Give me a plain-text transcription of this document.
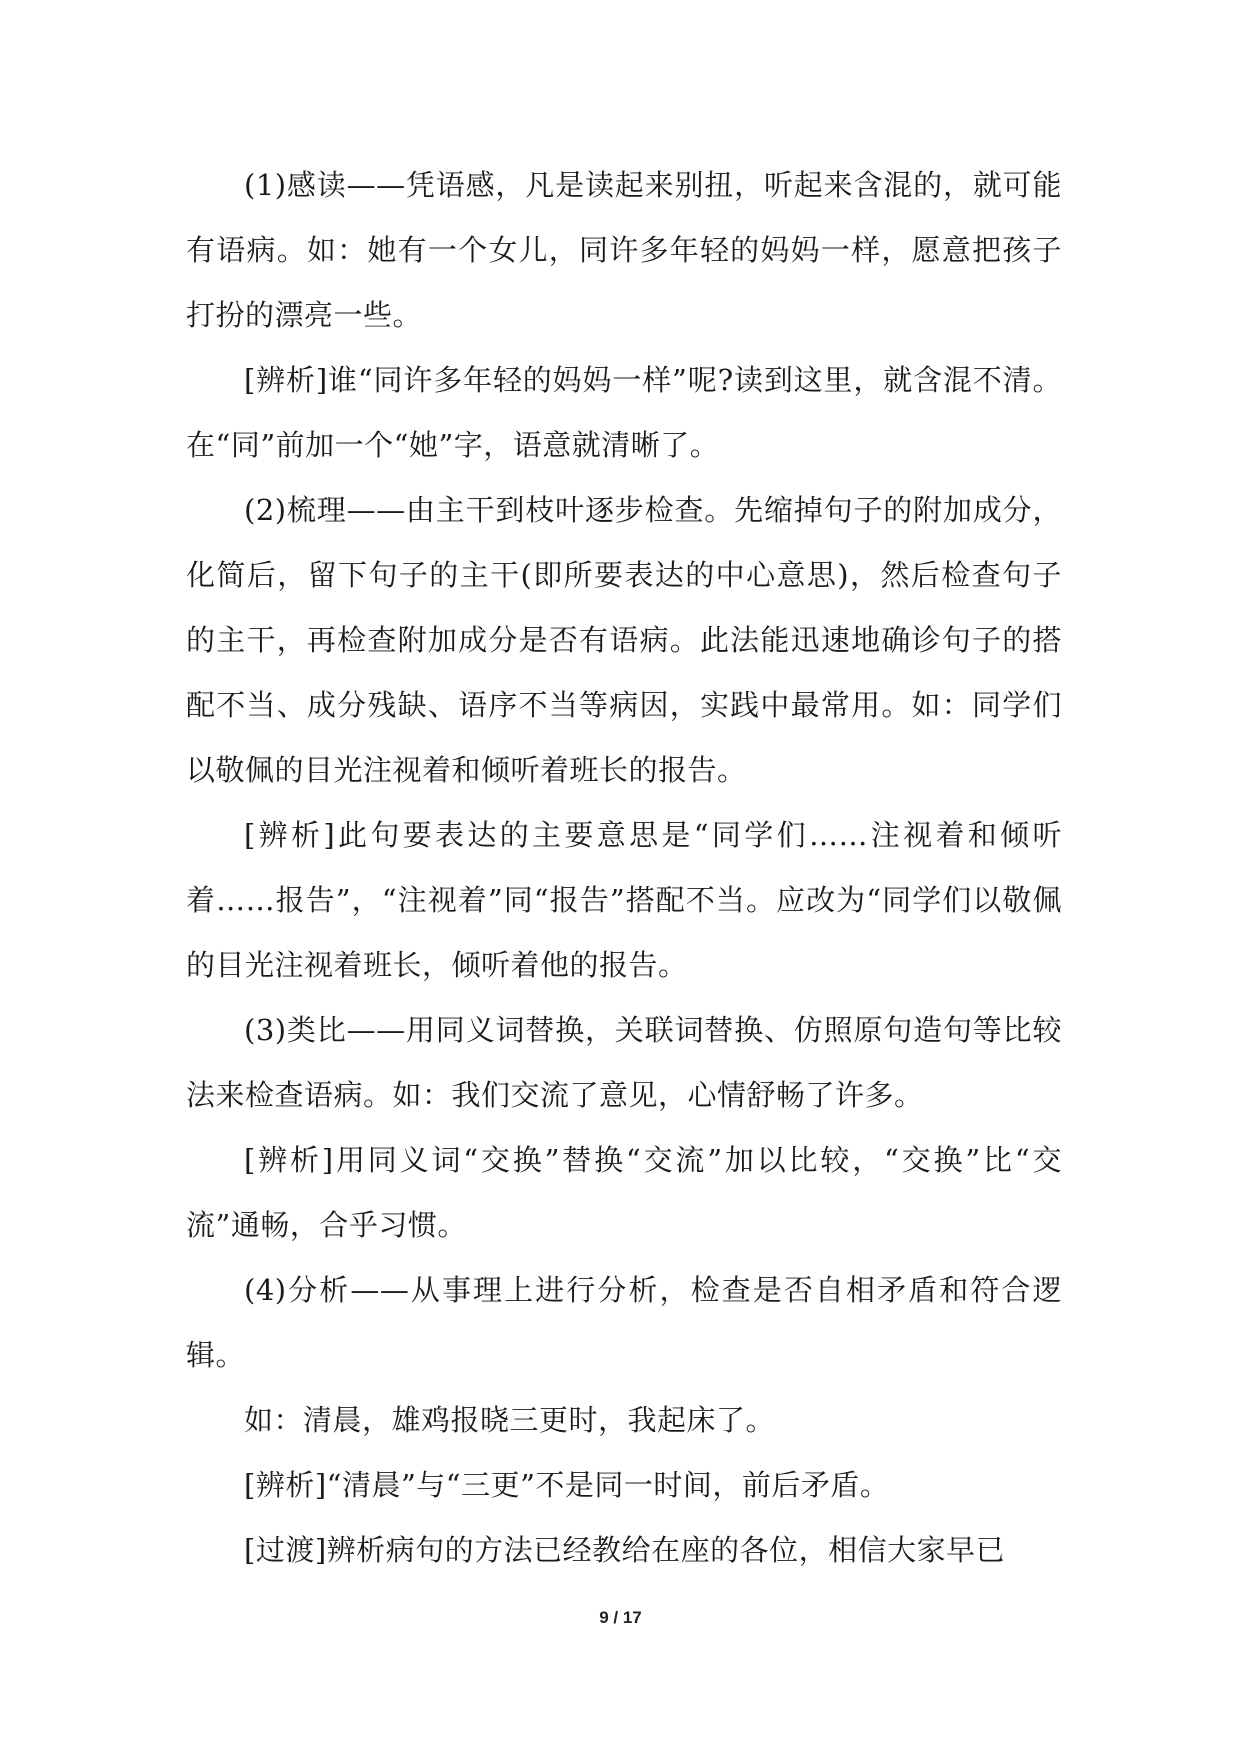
(1)感读——凭语感，凡是读起来别扭，听起来含混的，就可能有语病。如：她有一个女儿，同许多年轻的妈妈一样，愿意把孩子打扮的漂亮一些。

[辨析]谁“同许多年轻的妈妈一样”呢?读到这里，就含混不清。在“同”前加一个“她”字，语意就清晰了。

(2)梳理——由主干到枝叶逐步检查。先缩掉句子的附加成分，化简后，留下句子的主干(即所要表达的中心意思)，然后检查句子的主干，再检查附加成分是否有语病。此法能迅速地确诊句子的搭配不当、成分残缺、语序不当等病因，实践中最常用。如：同学们以敬佩的目光注视着和倾听着班长的报告。

[辨析]此句要表达的主要意思是“同学们……注视着和倾听着……报告”，“注视着”同“报告”搭配不当。应改为“同学们以敬佩的目光注视着班长，倾听着他的报告。

(3)类比——用同义词替换，关联词替换、仿照原句造句等比较法来检查语病。如：我们交流了意见，心情舒畅了许多。

[辨析]用同义词“交换”替换“交流”加以比较，“交换”比“交流”通畅，合乎习惯。

(4)分析——从事理上进行分析，检查是否自相矛盾和符合逻辑。

如：清晨，雄鸡报晓三更时，我起床了。

[辨析]“清晨”与“三更”不是同一时间，前后矛盾。

[过渡]辨析病句的方法已经教给在座的各位，相信大家早已

9 / 17
